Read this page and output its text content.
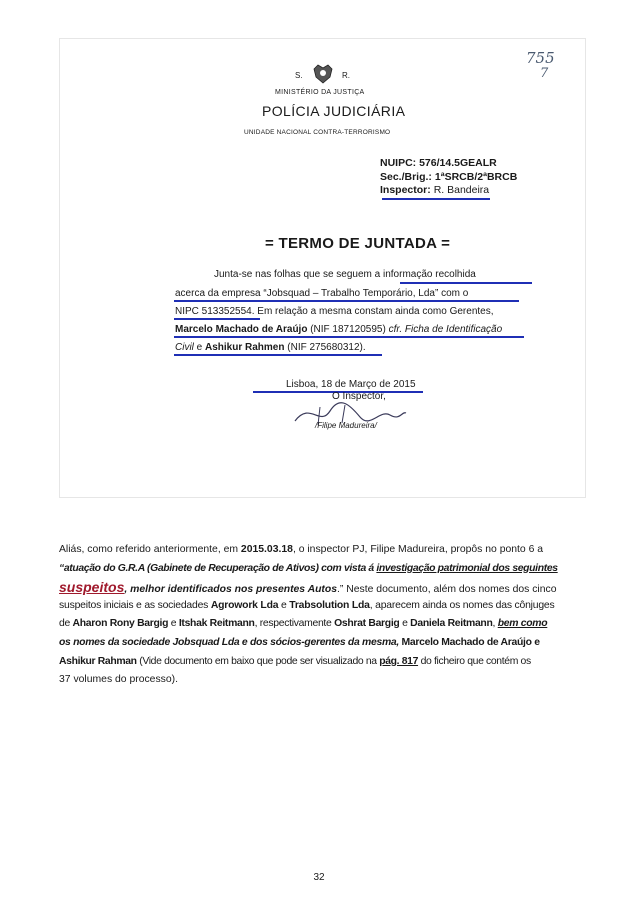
S.	R.
MINISTÉRIO DA JUSTIÇA
POLÍCIA JUDICIÁRIA
UNIDADE NACIONAL CONTRA-TERRORISMO
755
7
NUIPC: 576/14.5GEALR
Sec./Brig.: 1ªSRCB/2ªBRCB
Inspector: R. Bandeira
= TERMO DE JUNTADA =
Junta-se nas folhas que se seguem a informação recolhida
acerca da empresa “Jobsquad – Trabalho Temporário, Lda” com o
NIPC 513352554. Em relação a mesma constam ainda como Gerentes,
Marcelo Machado de Araújo (NIF 187120595) cfr. Ficha de Identificação
Civil e Ashikur Rahmen (NIF 275680312).
Lisboa, 18 de Março de 2015
O Inspector,
/Filipe Madureira/
Aliás, como referido anteriormente, em 2015.03.18, o inspector PJ, Filipe Madureira, propôs no ponto 6 a
“atuação do G.R.A (Gabinete de Recuperação de Ativos) com vista á investigação patrimonial dos seguintes
suspeitos, melhor identificados nos presentes Autos.” Neste documento, além dos nomes dos cinco
suspeitos iniciais e as sociedades Agrowork Lda e Trabsolution Lda, aparecem ainda os nomes das cônjuges
de Aharon Rony Bargig e Itshak Reitmann, respectivamente Oshrat Bargig e Daniela Reitmann, bem como
os nomes da sociedade Jobsquad Lda e dos sócios-gerentes da mesma, Marcelo Machado de Araújo e
Ashikur Rahman (Vide documento em baixo que pode ser visualizado na pág. 817 do ficheiro que contém os
37 volumes do processo).
32
